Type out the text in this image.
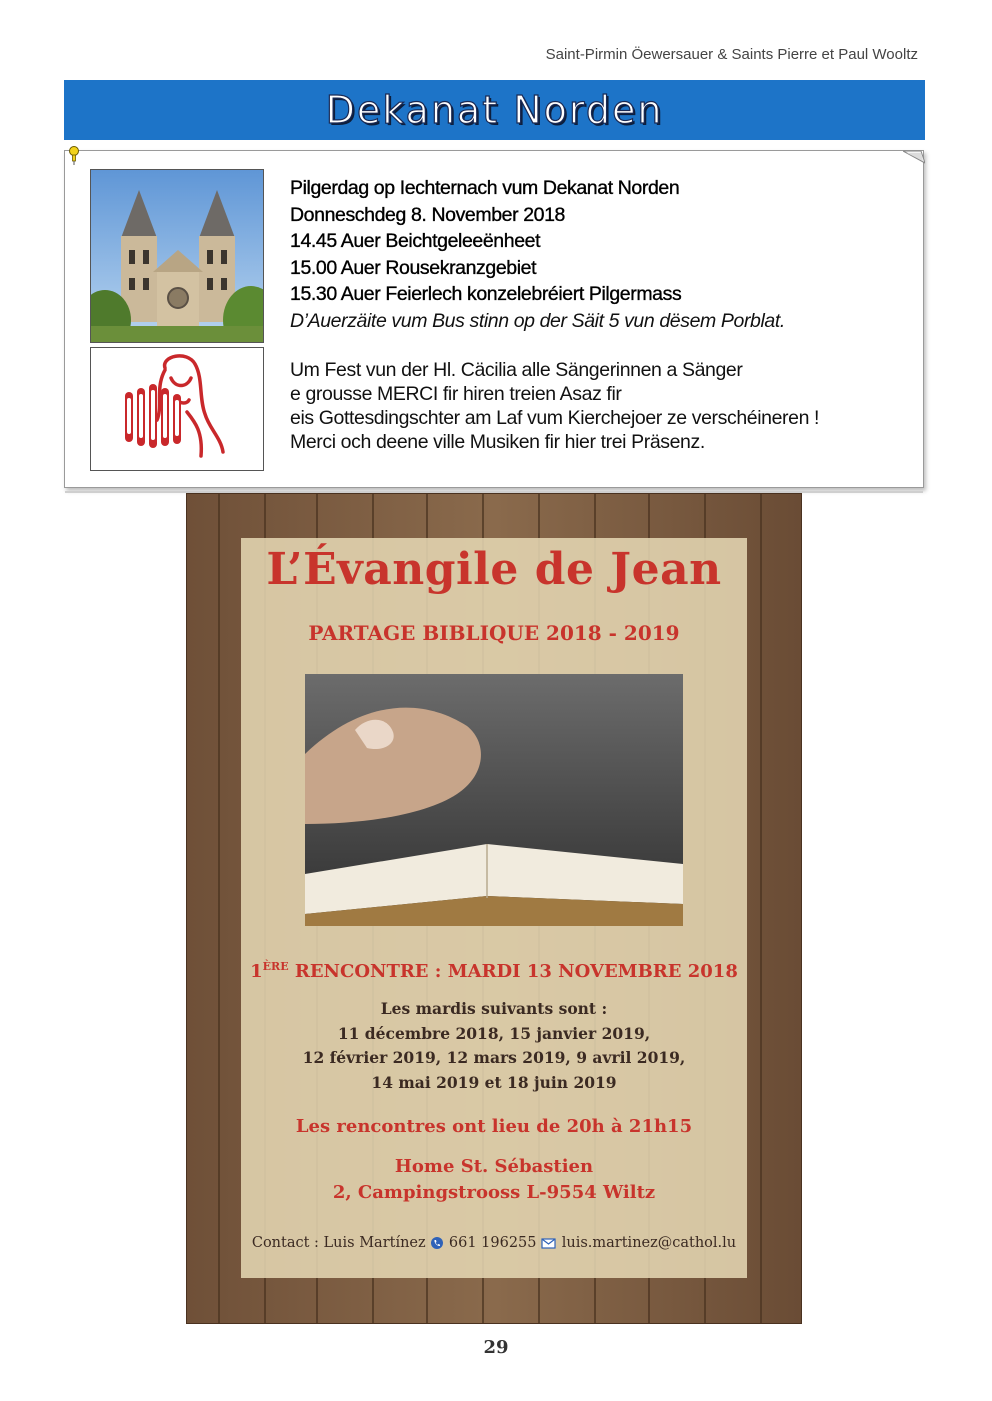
Saint-Pirmin Öewersauer & Saints Pierre et Paul Wooltz
Dekanat Norden
Pilgerdag op Iechternach vum Dekanat Norden
Donneschdeg 8. November 2018
14.45 Auer Beichtgeleeënheet
15.00 Auer Rousekranzgebiet
15.30 Auer Feierlech konzelebréiert Pilgermass
D’Auerzäite vum Bus stinn op der Säit 5 vun dësem Porblat.
Um Fest vun der Hl. Cäcilia alle Sängerinnen a Sänger
e grousse MERCI fir hiren treien Asaz fir
eis Gottesdingschter am Laf vum Kierchejoer ze verschéineren !
Merci och deene ville Musiken fir hier trei Präsenz.
L’Évangile de Jean
PARTAGE BIBLIQUE 2018 - 2019
1ÈRE RENCONTRE : MARDI 13 NOVEMBRE 2018
Les mardis suivants sont :
11 décembre 2018, 15 janvier 2019,
12 février 2019, 12 mars 2019, 9 avril 2019,
14 mai 2019 et 18 juin 2019
Les rencontres ont lieu de 20h à 21h15
Home St. Sébastien
2, Campingstrooss L-9554 Wiltz
Contact : Luis Martínez 661 196255 luis.martinez@cathol.lu
29
